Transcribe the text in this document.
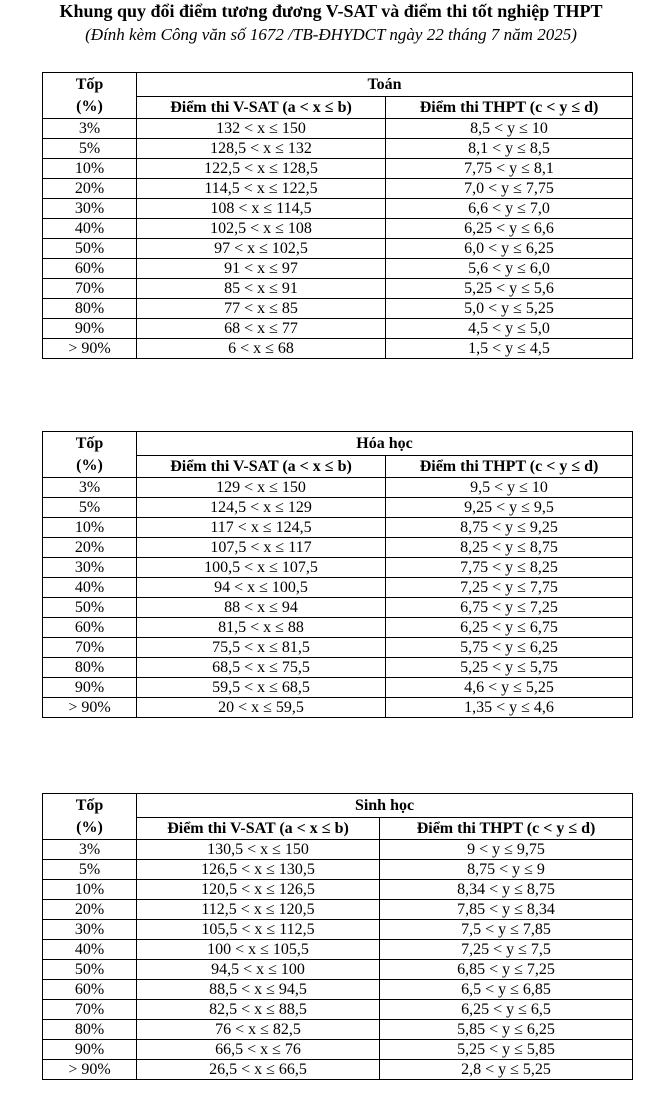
Khung quy đổi điểm tương đương V-SAT và điểm thi tốt nghiệp THPT
(Đính kèm Công văn số 1672 /TB-ĐHYDCT ngày 22 tháng 7 năm 2025)
Tốp
(%)	Toán	
	Điểm thi V-SAT (a < x ≤ b)	Điểm thi THPT (c < y ≤ d)
3%	132 < x ≤ 150	8,5 < y ≤ 10
5%	128,5 < x ≤ 132	8,1 < y ≤ 8,5
10%	122,5 < x ≤ 128,5	7,75 < y ≤ 8,1
20%	114,5 < x ≤ 122,5	7,0 < y ≤ 7,75
30%	108 < x ≤ 114,5	6,6 < y ≤ 7,0
40%	102,5 < x ≤ 108	6,25 < y ≤ 6,6
50%	97 < x ≤ 102,5	6,0 < y ≤ 6,25
60%	91 < x ≤ 97	5,6 < y ≤ 6,0
70%	85 < x ≤ 91	5,25 < y ≤ 5,6
80%	77 < x ≤ 85	5,0 < y ≤ 5,25
90%	68 < x ≤ 77	4,5 < y ≤ 5,0
> 90%	6 < x ≤ 68	1,5 < y ≤ 4,5
Tốp
(%)	Hóa học	
	Điểm thi V-SAT (a < x ≤ b)	Điểm thi THPT (c < y ≤ d)
3%	129 < x ≤ 150	9,5 < y ≤ 10
5%	124,5 < x ≤ 129	9,25 < y ≤ 9,5
10%	117 < x ≤ 124,5	8,75 < y ≤ 9,25
20%	107,5 < x ≤ 117	8,25 < y ≤ 8,75
30%	100,5 < x ≤ 107,5	7,75 < y ≤ 8,25
40%	94 < x ≤ 100,5	7,25 < y ≤ 7,75
50%	88 < x ≤ 94	6,75 < y ≤ 7,25
60%	81,5 < x ≤ 88	6,25 < y ≤ 6,75
70%	75,5 < x ≤ 81,5	5,75 < y ≤ 6,25
80%	68,5 < x ≤ 75,5	5,25 < y ≤ 5,75
90%	59,5 < x ≤ 68,5	4,6 < y ≤ 5,25
> 90%	20 < x ≤ 59,5	1,35 < y ≤ 4,6
Tốp
(%)	Sinh học	
	Điểm thi V-SAT (a < x ≤ b)	Điểm thi THPT (c < y ≤ d)
3%	130,5 < x ≤ 150	9 < y ≤ 9,75
5%	126,5 < x ≤ 130,5	8,75 < y ≤ 9
10%	120,5 < x ≤ 126,5	8,34 < y ≤ 8,75
20%	112,5 < x ≤ 120,5	7,85 < y ≤ 8,34
30%	105,5 < x ≤ 112,5	7,5 < y ≤ 7,85
40%	100 < x ≤ 105,5	7,25 < y ≤ 7,5
50%	94,5 < x ≤ 100	6,85 < y ≤ 7,25
60%	88,5 < x ≤ 94,5	6,5 < y ≤ 6,85
70%	82,5 < x ≤ 88,5	6,25 < y ≤ 6,5
80%	76 < x ≤ 82,5	5,85 < y ≤ 6,25
90%	66,5 < x ≤ 76	5,25 < y ≤ 5,85
> 90%	26,5 < x ≤ 66,5	2,8 < y ≤ 5,25
